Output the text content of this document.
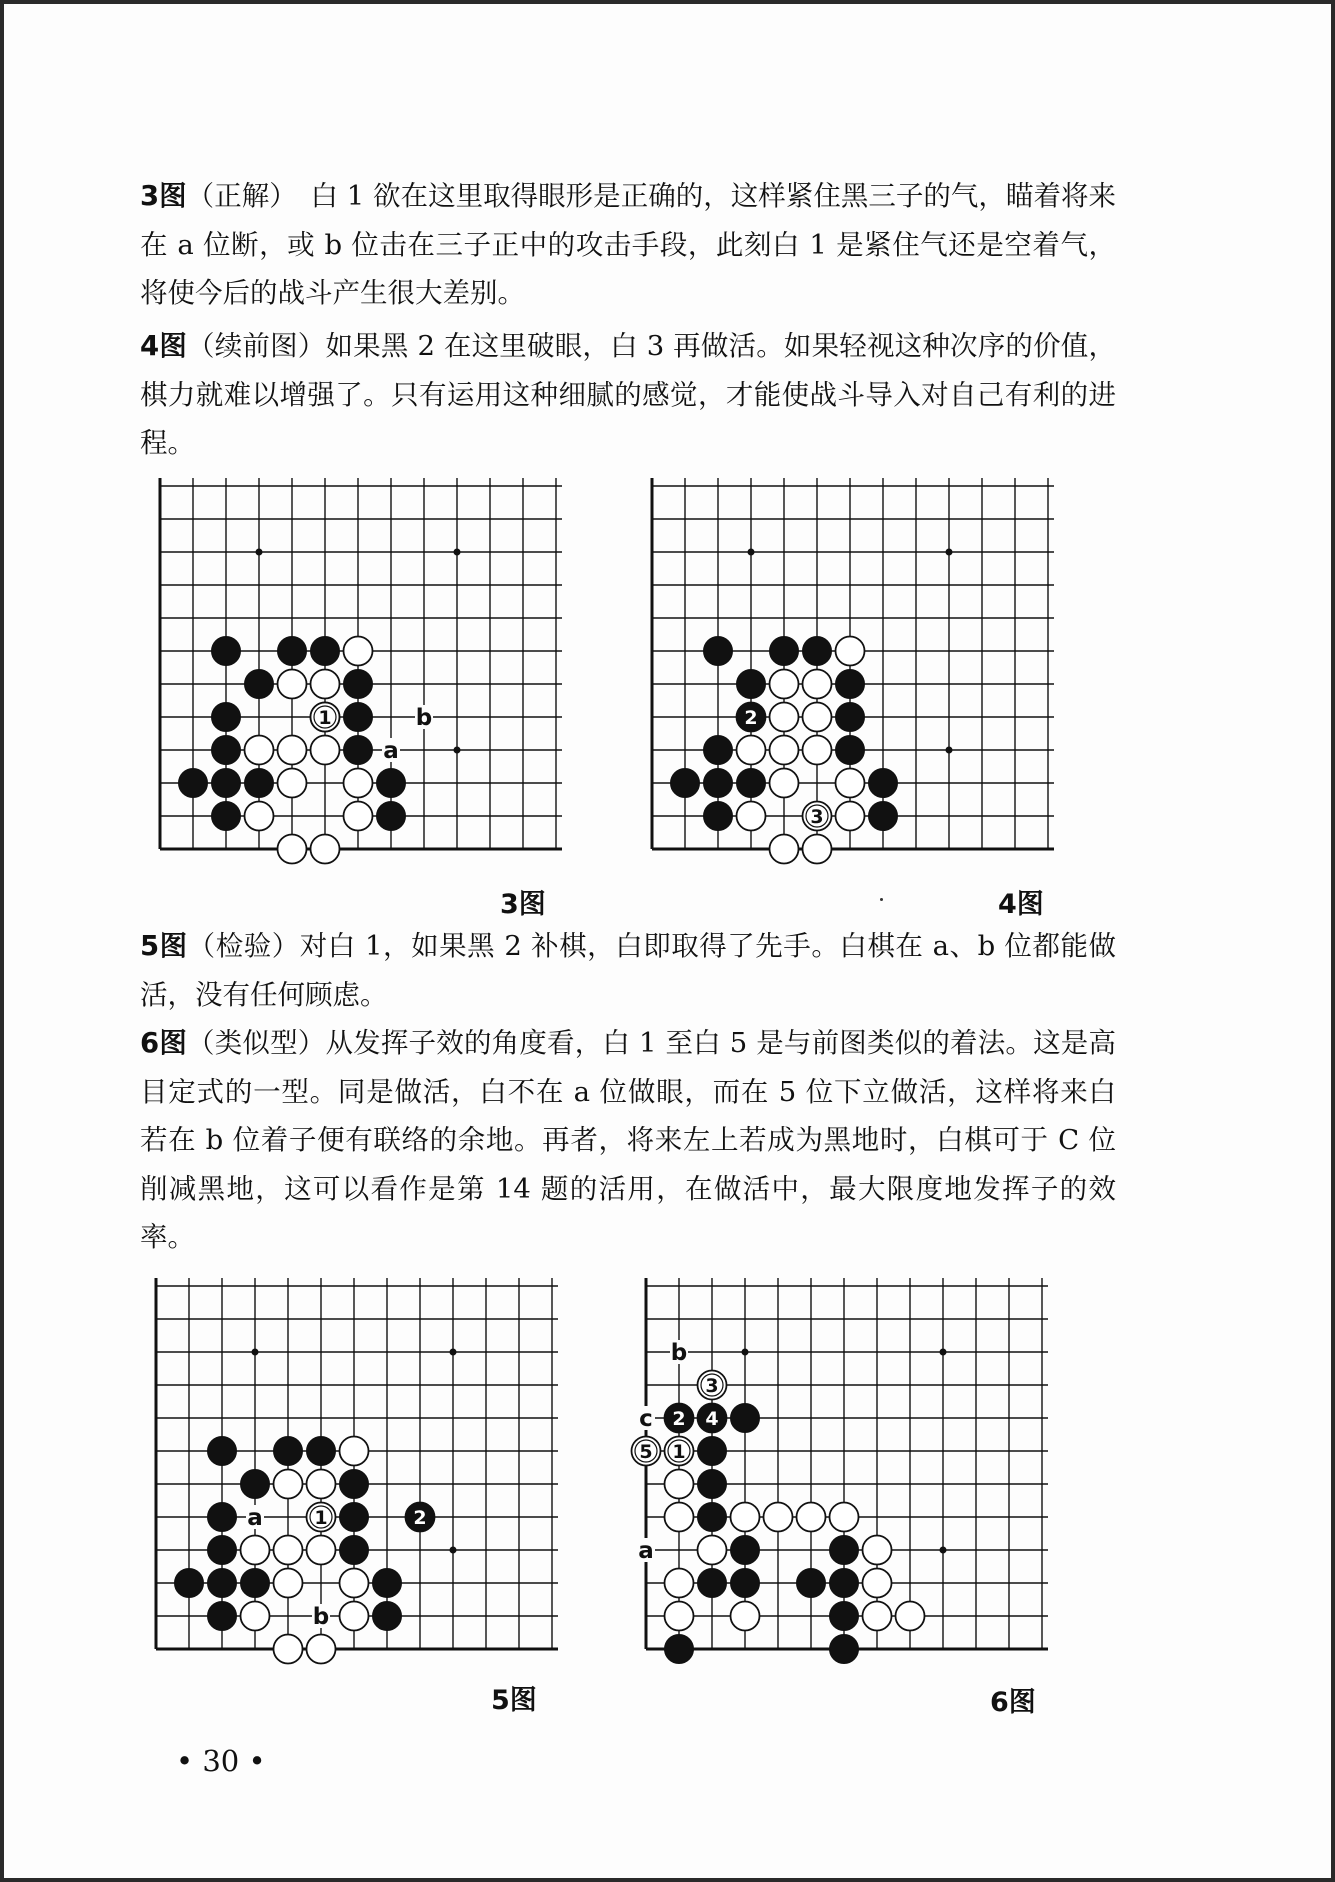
3图（正解）　白 1 欲在这里取得眼形是正确的，这样紧住黑三子的气，瞄着将来在 a 位断，或 b 位击在三子正中的攻击手段，此刻白 1 是紧住气还是空着气，将使今后的战斗产生很大差别。

4图（续前图）如果黑 2 在这里破眼，白 3 再做活。如果轻视这种次序的价值，棋力就难以增强了。只有运用这种细腻的感觉，才能使战斗导入对自己有利的进程。

b
a
1	2
3

3图	4图

5图（检验）对白 1，如果黑 2 补棋，白即取得了先手。白棋在 a、b 位都能做活，没有任何顾虑。

6图（类似型）从发挥子效的角度看，白 1 至白 5 是与前图类似的着法。这是高目定式的一型。同是做活，白不在 a 位做眼，而在 5 位下立做活，这样将来白若在 b 位着子便有联络的余地。再者，将来左上若成为黑地时，白棋可于 C 位削减黑地，这可以看作是第 14 题的活用，在做活中，最大限度地发挥子的效率。

a
b
1	2
b
c
a
3
2 4
5 1

5图	6图

• 30 •
